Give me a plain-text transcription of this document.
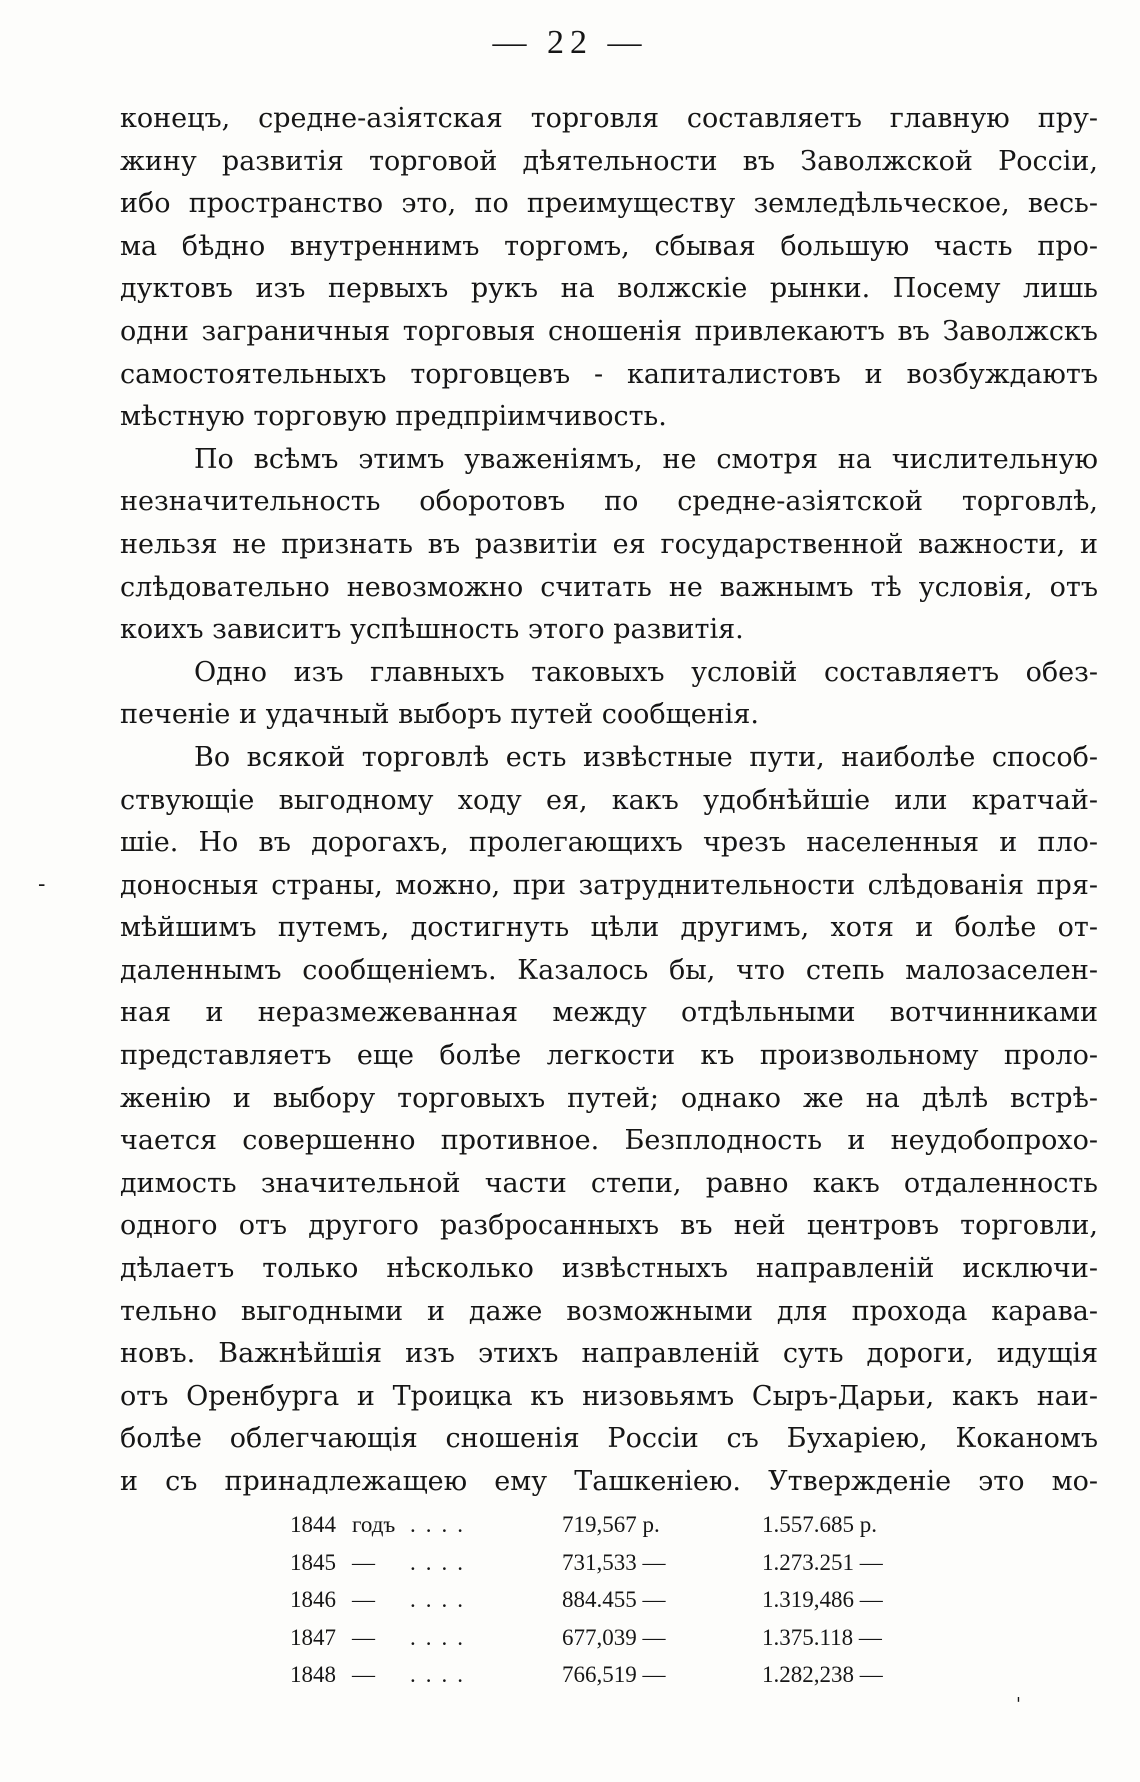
— 22 —
-
конецъ, средне-азіятская торговля составляетъ главную пру-
жину развитія торговой дѣятельности въ Заволжской Россіи,
ибо пространство это, по преимуществу земледѣльческое, весь-
ма бѣдно внутреннимъ торгомъ, сбывая большую часть про-
дуктовъ изъ первыхъ рукъ на волжскіе рынки. Посему лишь
одни заграничныя торговыя сношенія привлекаютъ въ Заволжскъ
самостоятельныхъ торговцевъ - капиталистовъ и возбуждаютъ
мѣстную торговую предпріимчивость.
По всѣмъ этимъ уваженіямъ, не смотря на чиcлительную
незначительность оборотовъ по средне-азіятской торговлѣ,
нельзя не признать въ развитіи ея государственной важности, и
слѣдовательно невозможно считать не важнымъ тѣ условія, отъ
коихъ зависитъ успѣшность этого развитія.
Одно изъ главныхъ таковыхъ условій составляетъ обез-
печеніе и удачный выборъ путей сообщенія.
Во всякой торговлѣ есть извѣстные пути, наиболѣе способ-
ствующіе выгодному ходу ея, какъ удобнѣйшіе или кратчай-
шіе. Но въ дорогахъ, пролегающихъ чрезъ населенныя и пло-
доносныя страны, можно, при затруднительности слѣдованія пря-
мѣйшимъ путемъ, достигнуть цѣли другимъ, хотя и болѣе от-
даленнымъ сообщеніемъ. Казалось бы, что степь малозаселен-
ная и неразмежеванная между отдѣльными вотчинниками
представляетъ еще болѣе легкости къ произвольному проло-
женію и выбору торговыхъ путей; однако же на дѣлѣ встрѣ-
чается совершенно противное. Безплодность и неудобопрохо-
димость значительной части степи, равно какъ отдаленность
одного отъ другого разбросанныхъ въ ней центровъ торговли,
дѣлаетъ только нѣсколько извѣстныхъ направленій исключи-
тельно выгодными и даже возможными для прохода карава-
новъ. Важнѣйшія изъ этихъ направленій суть дороги, идущія
отъ Оренбурга и Троицка къ низовьямъ Сыръ-Дарьи, какъ наи-
болѣе облегчающія сношенія Россіи съ Бухаріею, Коканомъ
и съ принадлежащею ему Ташкеніею. Утвержденіе это мо-
1844 годъ ....	719,567 р.	1.557.685 р.
1845 —	....	731,533 —	1.273.251 —
1846 —	....	884.455 —	1.319,486 —
1847 —	....	677,039 —	1.375.118 —
1848 —	....	766,519 —	1.282,238 —
'
